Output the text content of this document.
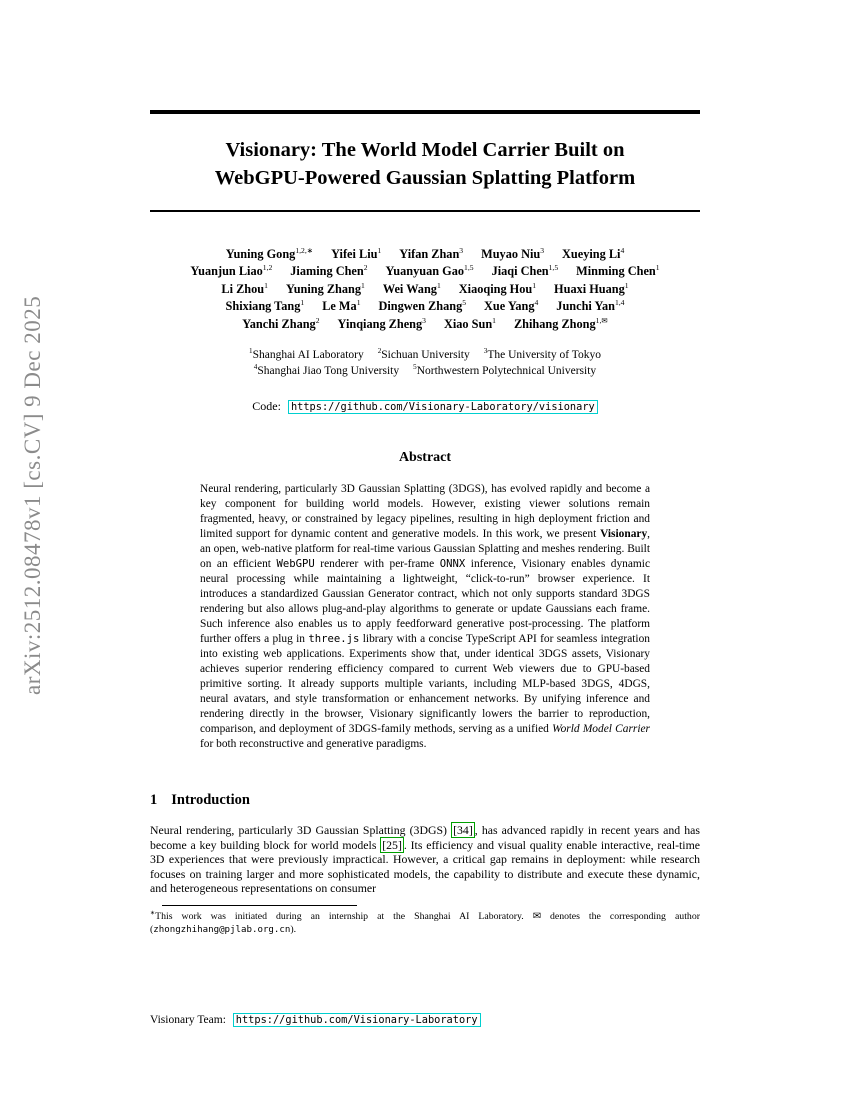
arXiv:2512.08478v1 [cs.CV] 9 Dec 2025
Visionary: The World Model Carrier Built on
WebGPU-Powered Gaussian Splatting Platform
Yuning Gong$^{1,2,∗}$ Yifei Liu$^1$ Yifan Zhan$^3$ Muyao Niu$^3$ Xueying Li$^4$
Yuanjun Liao$^{1,2}$ Jiaming Chen$^2$ Yuanyuan Gao$^{1,5}$ Jiaqi Chen$^{1,5}$ Minming Chen$^1$
Li Zhou$^1$ Yuning Zhang$^1$ Wei Wang$^1$ Xiaoqing Hou$^1$ Huaxi Huang$^1$
Shixiang Tang$^1$ Le Ma$^1$ Dingwen Zhang$^5$ Xue Yang$^4$ Junchi Yan$^{1,4}$
Yanchi Zhang$^2$ Yinqiang Zheng$^3$ Xiao Sun$^1$ Zhihang Zhong$^{1,✉}$
$^1$Shanghai AI Laboratory $^2$Sichuan University $^3$The University of Tokyo
$^4$Shanghai Jiao Tong University $^5$Northwestern Polytechnical University
Code: https://github.com/Visionary-Laboratory/visionary
Abstract

Neural rendering, particularly 3D Gaussian Splatting (3DGS), has evolved rapidly and become a key component for building world models. However, existing viewer solutions remain fragmented, heavy, or constrained by legacy pipelines, resulting in high deployment friction and limited support for dynamic content and generative models. In this work, we present Visionary, an open, web-native platform for real-time various Gaussian Splatting and meshes rendering. Built on an efficient WebGPU renderer with per-frame ONNX inference, Visionary enables dynamic neural processing while maintaining a lightweight, “click-to-run” browser experience. It introduces a standardized Gaussian Generator contract, which not only supports standard 3DGS rendering but also allows plug-and-play algorithms to generate or update Gaussians each frame. Such inference also enables us to apply feedforward generative post-processing. The platform further offers a plug in three.js library with a concise TypeScript API for seamless integration into existing web applications. Experiments show that, under identical 3DGS assets, Visionary achieves superior rendering efficiency compared to current Web viewers due to GPU-based primitive sorting. It already supports multiple variants, including MLP-based 3DGS, 4DGS, neural avatars, and style transformation or enhancement networks. By unifying inference and rendering directly in the browser, Visionary significantly lowers the barrier to reproduction, comparison, and deployment of 3DGS-family methods, serving as a unified World Model Carrier for both reconstructive and generative paradigms.

1 Introduction

Neural rendering, particularly 3D Gaussian Splatting (3DGS) [34] , has advanced rapidly in recent years and has become a key building block for world models [25] . Its efficiency and visual quality enable interactive, real-time 3D experiences that were previously impractical. However, a critical gap remains in deployment: while research focuses on training larger and more sophisticated models, the capability to distribute and execute these dynamic, and heterogeneous representations on consumer

∗This work was initiated during an internship at the Shanghai AI Laboratory. ✉ denotes the corresponding author (zhongzhihang@pjlab.org.cn).

Visionary Team: https://github.com/Visionary-Laboratory
